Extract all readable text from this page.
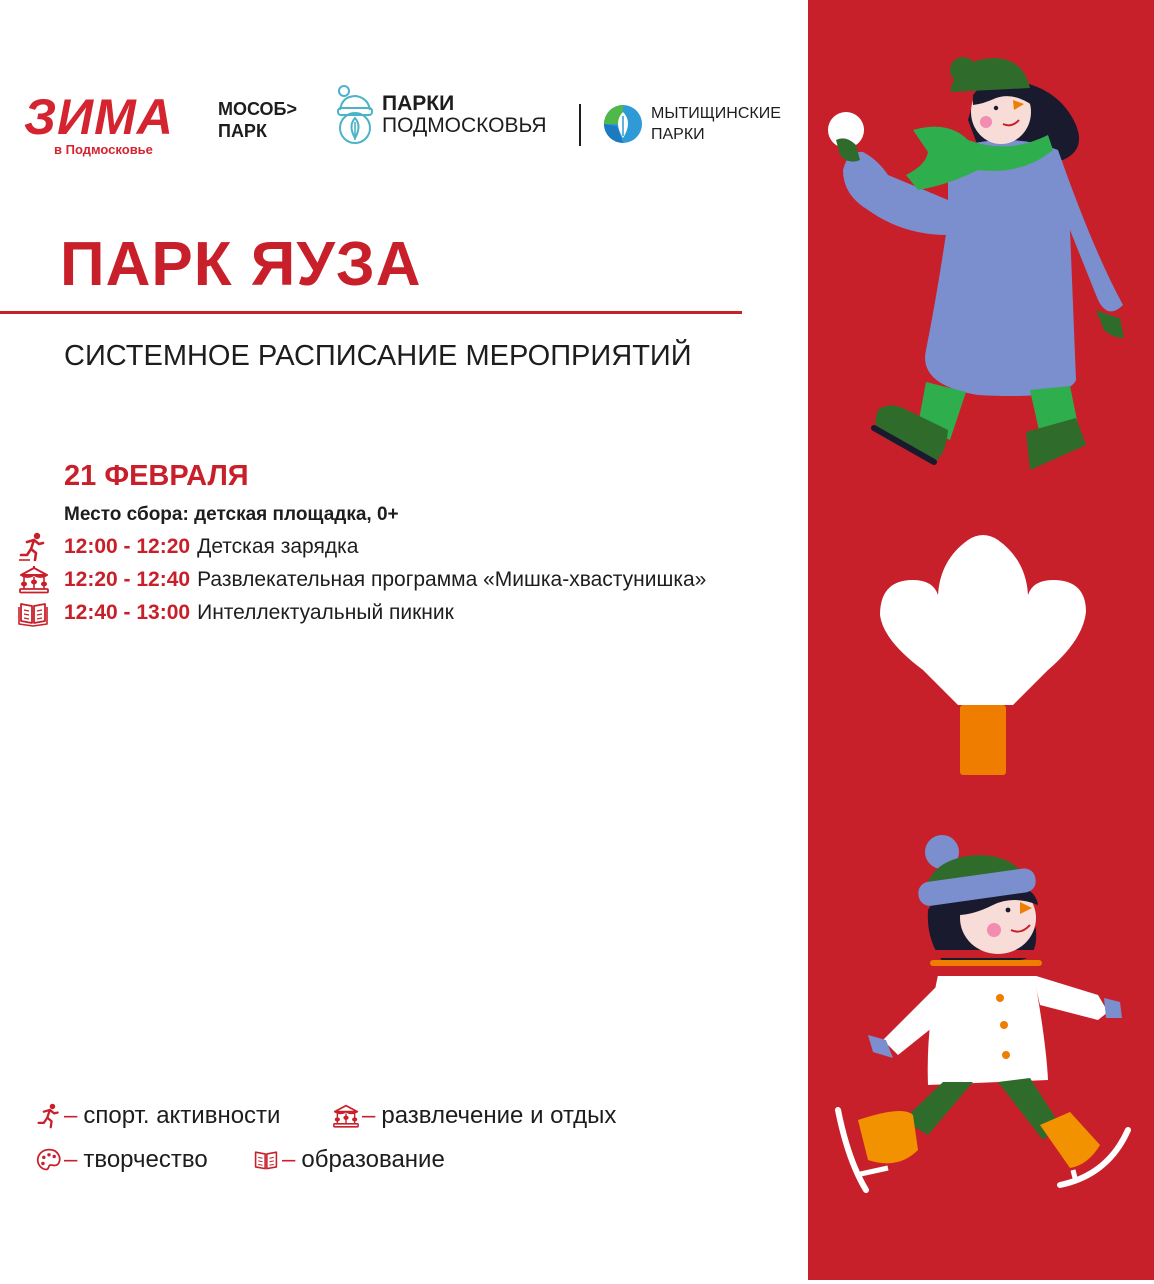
ЗИМА
в Подмосковье
МОСОБ>
ПАРК
ПАРКИ
ПОДМОСКОВЬЯ
МЫТИЩИНСКИЕ
ПАРКИ
ПАРК ЯУЗА
СИСТЕМНОЕ РАСПИСАНИЕ МЕРОПРИЯТИЙ
21 ФЕВРАЛЯ
Место сбора: детская площадка, 0+
12:00 - 12:20 Детская зарядка
12:20 - 12:40 Развлекательная программа «Мишка-хвастунишка»
12:40 - 13:00 Интеллектуальный пикник
– спорт. активности	– развлечение и отдых
– творчество	– образование
